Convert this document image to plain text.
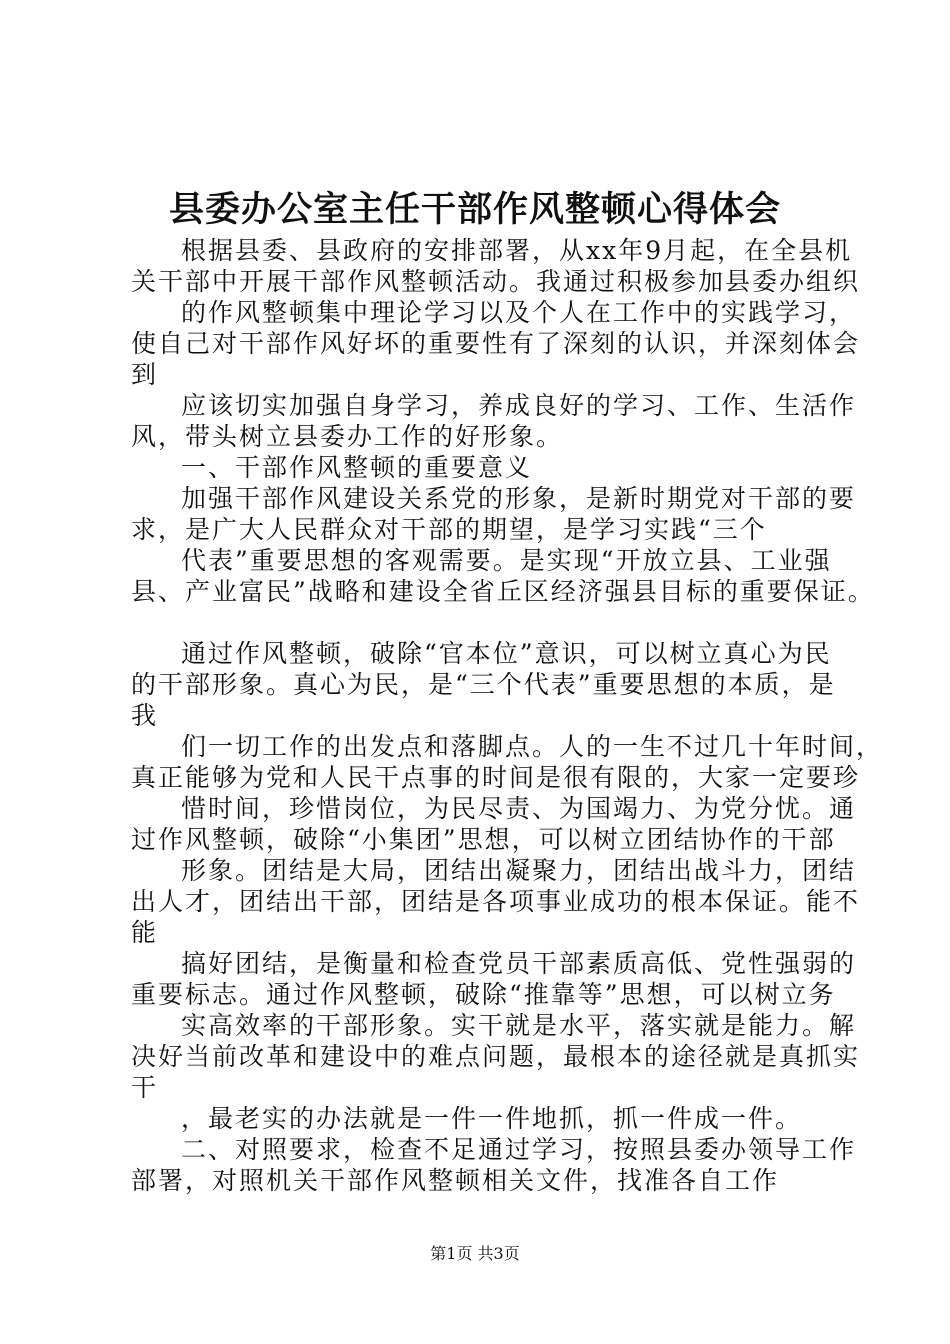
县委办公室主任干部作风整顿心得体会
根据县委、县政府的安排部署，从xx年9月起，在全县机
关干部中开展干部作风整顿活动。我通过积极参加县委办组织
的作风整顿集中理论学习以及个人在工作中的实践学习，
使自己对干部作风好坏的重要性有了深刻的认识，并深刻体会
到
应该切实加强自身学习，养成良好的学习、工作、生活作
风，带头树立县委办工作的好形象。
一、干部作风整顿的重要意义
加强干部作风建设关系党的形象，是新时期党对干部的要
求，是广大人民群众对干部的期望，是学习实践“三个
代表”重要思想的客观需要。是实现“开放立县、工业强
县、产业富民”战略和建设全省丘区经济强县目标的重要保证。
通过作风整顿，破除“官本位”意识，可以树立真心为民
的干部形象。真心为民，是“三个代表”重要思想的本质，是
我
们一切工作的出发点和落脚点。人的一生不过几十年时间，
真正能够为党和人民干点事的时间是很有限的，大家一定要珍
惜时间，珍惜岗位，为民尽责、为国竭力、为党分忧。通
过作风整顿，破除“小集团”思想，可以树立团结协作的干部
形象。团结是大局，团结出凝聚力，团结出战斗力，团结
出人才，团结出干部，团结是各项事业成功的根本保证。能不
能
搞好团结，是衡量和检查党员干部素质高低、党性强弱的
重要标志。通过作风整顿，破除“推靠等”思想，可以树立务
实高效率的干部形象。实干就是水平，落实就是能力。解
决好当前改革和建设中的难点问题，最根本的途径就是真抓实
干
，最老实的办法就是一件一件地抓，抓一件成一件。
二、对照要求，检查不足通过学习，按照县委办领导工作
部署，对照机关干部作风整顿相关文件，找准各自工作
第1页 共3页
